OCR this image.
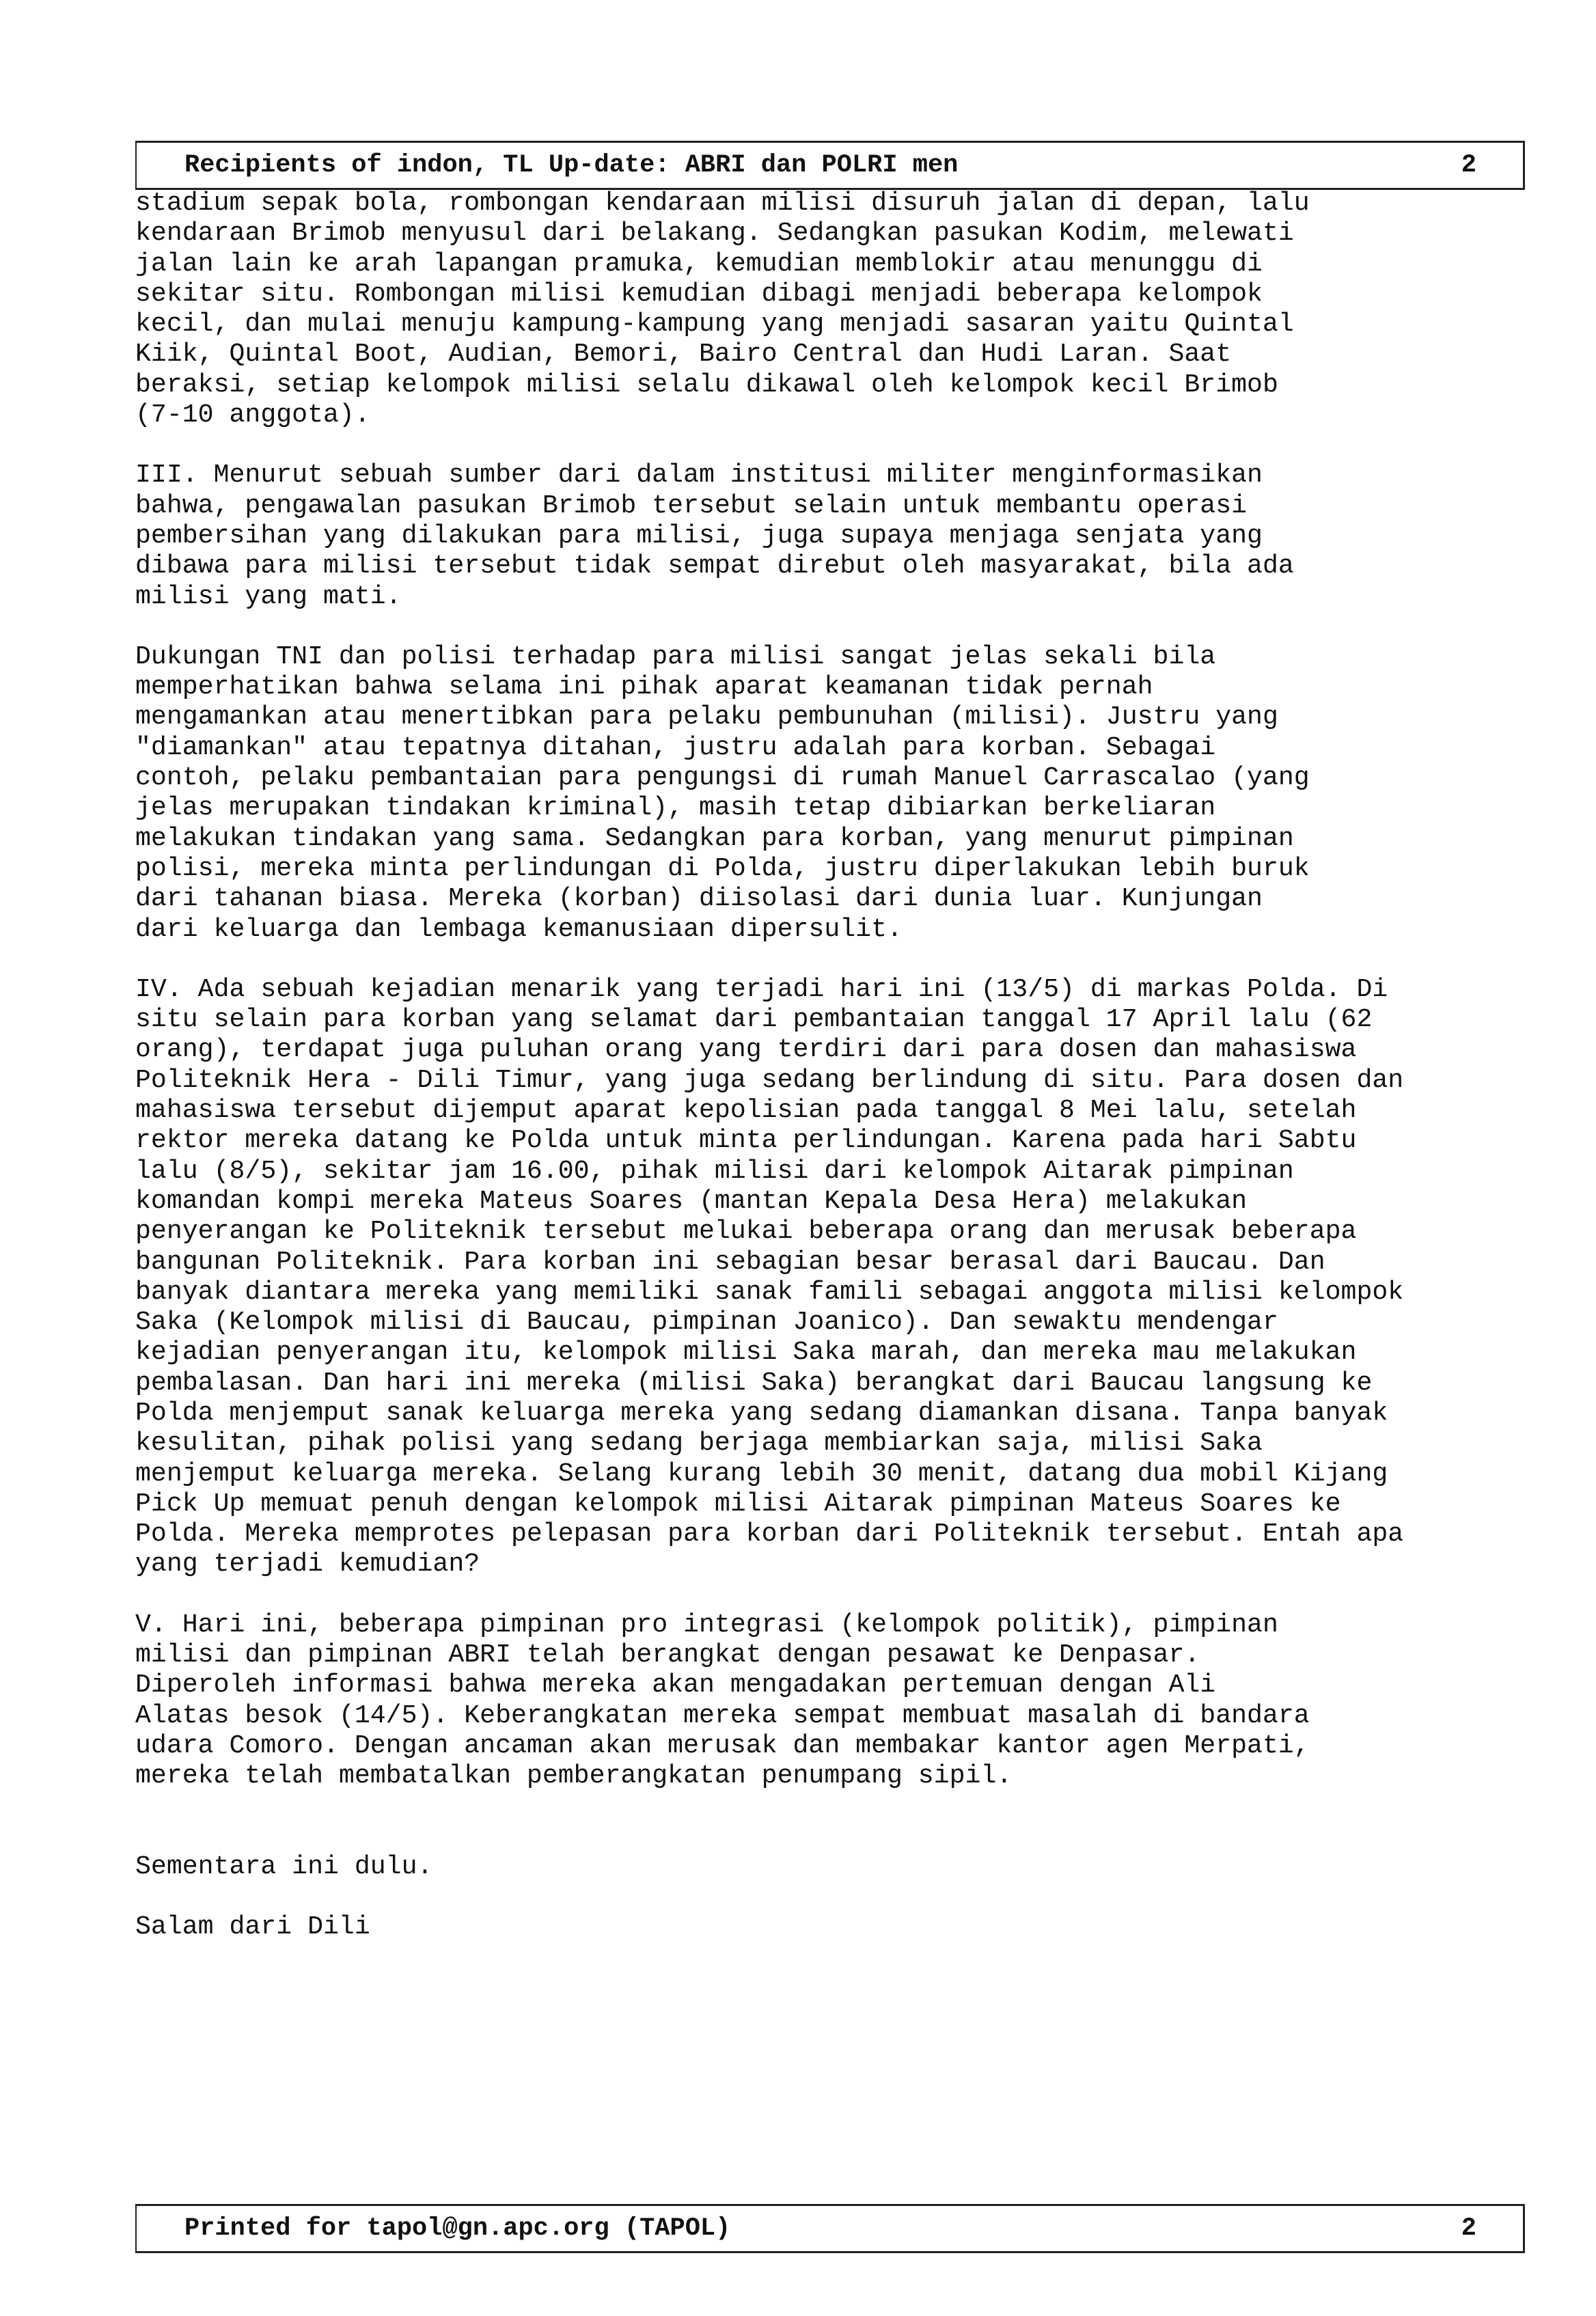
Recipients of indon, TL Up-date: ABRI dan POLRI men	2

stadium sepak bola, rombongan kendaraan milisi disuruh jalan di depan, lalu
kendaraan Brimob menyusul dari belakang. Sedangkan pasukan Kodim, melewati
jalan lain ke arah lapangan pramuka, kemudian memblokir atau menunggu di
sekitar situ. Rombongan milisi kemudian dibagi menjadi beberapa kelompok
kecil, dan mulai menuju kampung-kampung yang menjadi sasaran yaitu Quintal
Kiik, Quintal Boot, Audian, Bemori, Bairo Central dan Hudi Laran. Saat
beraksi, setiap kelompok milisi selalu dikawal oleh kelompok kecil Brimob
(7-10 anggota).

III. Menurut sebuah sumber dari dalam institusi militer menginformasikan
bahwa, pengawalan pasukan Brimob tersebut selain untuk membantu operasi
pembersihan yang dilakukan para milisi, juga supaya menjaga senjata yang
dibawa para milisi tersebut tidak sempat direbut oleh masyarakat, bila ada
milisi yang mati.

Dukungan TNI dan polisi terhadap para milisi sangat jelas sekali bila
memperhatikan bahwa selama ini pihak aparat keamanan tidak pernah
mengamankan atau menertibkan para pelaku pembunuhan (milisi). Justru yang
"diamankan" atau tepatnya ditahan, justru adalah para korban. Sebagai
contoh, pelaku pembantaian para pengungsi di rumah Manuel Carrascalao (yang
jelas merupakan tindakan kriminal), masih tetap dibiarkan berkeliaran
melakukan tindakan yang sama. Sedangkan para korban, yang menurut pimpinan
polisi, mereka minta perlindungan di Polda, justru diperlakukan lebih buruk
dari tahanan biasa. Mereka (korban) diisolasi dari dunia luar. Kunjungan
dari keluarga dan lembaga kemanusiaan dipersulit.

IV. Ada sebuah kejadian menarik yang terjadi hari ini (13/5) di markas Polda. Di
situ selain para korban yang selamat dari pembantaian tanggal 17 April lalu (62
orang), terdapat juga puluhan orang yang terdiri dari para dosen dan mahasiswa
Politeknik Hera - Dili Timur, yang juga sedang berlindung di situ. Para dosen dan
mahasiswa tersebut dijemput aparat kepolisian pada tanggal 8 Mei lalu, setelah
rektor mereka datang ke Polda untuk minta perlindungan. Karena pada hari Sabtu
lalu (8/5), sekitar jam 16.00, pihak milisi dari kelompok Aitarak pimpinan
komandan kompi mereka Mateus Soares (mantan Kepala Desa Hera) melakukan
penyerangan ke Politeknik tersebut melukai beberapa orang dan merusak beberapa
bangunan Politeknik. Para korban ini sebagian besar berasal dari Baucau. Dan
banyak diantara mereka yang memiliki sanak famili sebagai anggota milisi kelompok
Saka (Kelompok milisi di Baucau, pimpinan Joanico). Dan sewaktu mendengar
kejadian penyerangan itu, kelompok milisi Saka marah, dan mereka mau melakukan
pembalasan. Dan hari ini mereka (milisi Saka) berangkat dari Baucau langsung ke
Polda menjemput sanak keluarga mereka yang sedang diamankan disana. Tanpa banyak
kesulitan, pihak polisi yang sedang berjaga membiarkan saja, milisi Saka
menjemput keluarga mereka. Selang kurang lebih 30 menit, datang dua mobil Kijang
Pick Up memuat penuh dengan kelompok milisi Aitarak pimpinan Mateus Soares ke
Polda. Mereka memprotes pelepasan para korban dari Politeknik tersebut. Entah apa
yang terjadi kemudian?

V. Hari ini, beberapa pimpinan pro integrasi (kelompok politik), pimpinan
milisi dan pimpinan ABRI telah berangkat dengan pesawat ke Denpasar.
Diperoleh informasi bahwa mereka akan mengadakan pertemuan dengan Ali
Alatas besok (14/5). Keberangkatan mereka sempat membuat masalah di bandara
udara Comoro. Dengan ancaman akan merusak dan membakar kantor agen Merpati,
mereka telah membatalkan pemberangkatan penumpang sipil.

Sementara ini dulu.

Salam dari Dili

Printed for tapol@gn.apc.org (TAPOL)	2
